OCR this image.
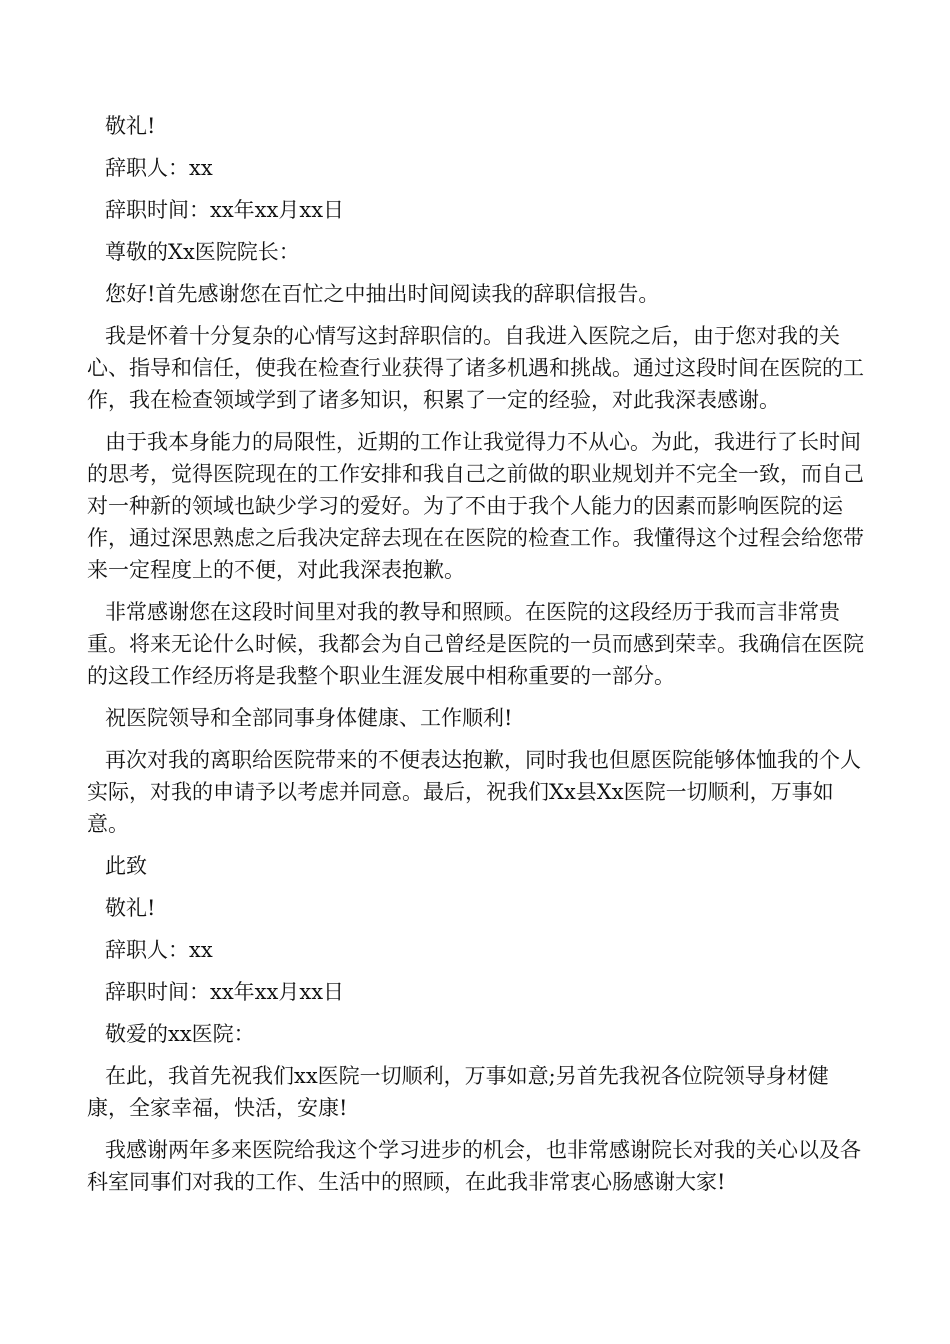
敬礼!

辞职人：xx

辞职时间：xx年xx月xx日

尊敬的Xx医院院长：

您好!首先感谢您在百忙之中抽出时间阅读我的辞职信报告。

我是怀着十分复杂的心情写这封辞职信的。自我进入医院之后，由于您对我的关心、指导和信任，使我在检查行业获得了诸多机遇和挑战。通过这段时间在医院的工作，我在检查领域学到了诸多知识，积累了一定的经验，对此我深表感谢。

由于我本身能力的局限性，近期的工作让我觉得力不从心。为此，我进行了长时间的思考，觉得医院现在的工作安排和我自己之前做的职业规划并不完全一致，而自己对一种新的领域也缺少学习的爱好。为了不由于我个人能力的因素而影响医院的运作，通过深思熟虑之后我决定辞去现在在医院的检查工作。我懂得这个过程会给您带来一定程度上的不便，对此我深表抱歉。

非常感谢您在这段时间里对我的教导和照顾。在医院的这段经历于我而言非常贵重。将来无论什么时候，我都会为自己曾经是医院的一员而感到荣幸。我确信在医院的这段工作经历将是我整个职业生涯发展中相称重要的一部分。

祝医院领导和全部同事身体健康、工作顺利!

再次对我的离职给医院带来的不便表达抱歉，同时我也但愿医院能够体恤我的个人实际，对我的申请予以考虑并同意。最后，祝我们Xx县Xx医院一切顺利，万事如意。

此致

敬礼!

辞职人：xx

辞职时间：xx年xx月xx日

敬爱的xx医院：

在此，我首先祝我们xx医院一切顺利，万事如意;另首先我祝各位院领导身材健康，全家幸福，快活，安康!

我感谢两年多来医院给我这个学习进步的机会，也非常感谢院长对我的关心以及各科室同事们对我的工作、生活中的照顾，在此我非常衷心肠感谢大家!
